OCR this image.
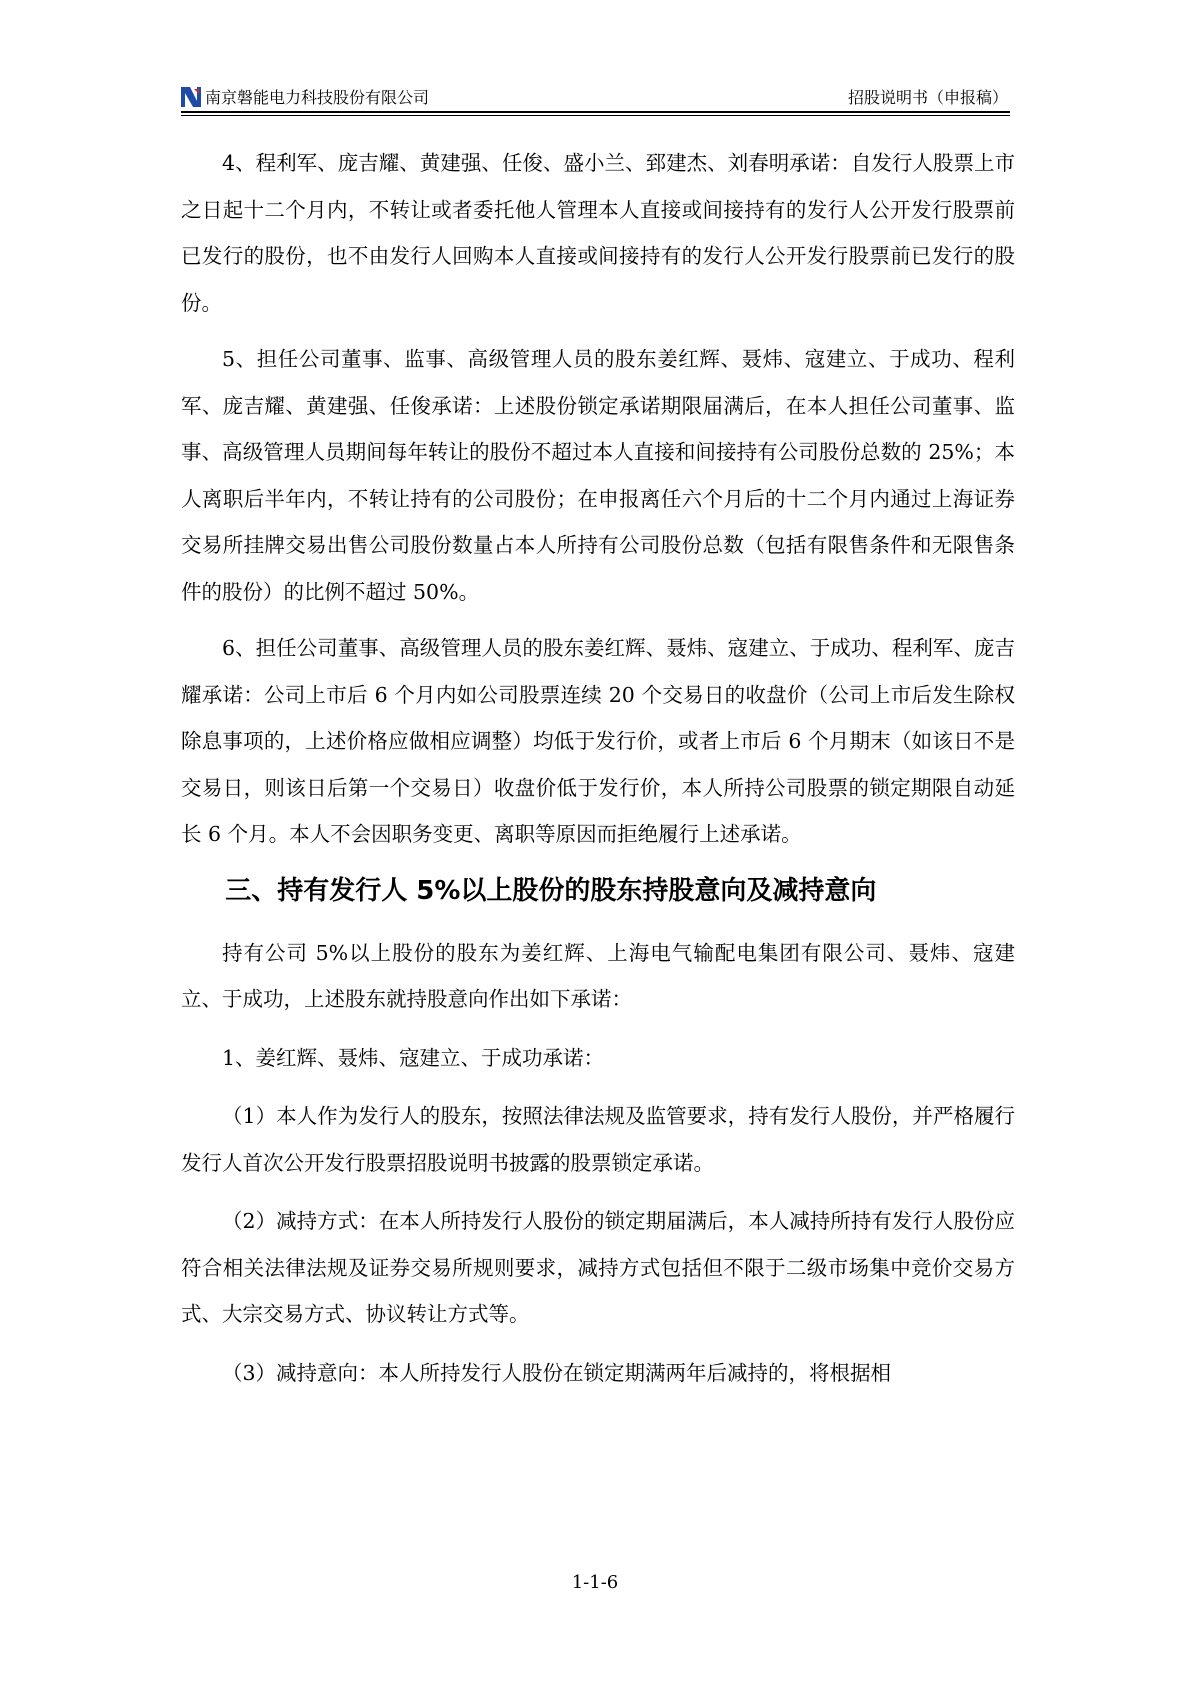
南京磐能电力科技股份有限公司	招股说明书（申报稿）

4、程利军、庞吉耀、黄建强、任俊、盛小兰、郅建杰、刘春明承诺：自发行人股票上市之日起十二个月内，不转让或者委托他人管理本人直接或间接持有的发行人公开发行股票前已发行的股份，也不由发行人回购本人直接或间接持有的发行人公开发行股票前已发行的股份。

5、担任公司董事、监事、高级管理人员的股东姜红辉、聂炜、寇建立、于成功、程利军、庞吉耀、黄建强、任俊承诺：上述股份锁定承诺期限届满后，在本人担任公司董事、监事、高级管理人员期间每年转让的股份不超过本人直接和间接持有公司股份总数的 25%；本人离职后半年内，不转让持有的公司股份；在申报离任六个月后的十二个月内通过上海证券交易所挂牌交易出售公司股份数量占本人所持有公司股份总数（包括有限售条件和无限售条件的股份）的比例不超过 50%。

6、担任公司董事、高级管理人员的股东姜红辉、聂炜、寇建立、于成功、程利军、庞吉耀承诺：公司上市后 6 个月内如公司股票连续 20 个交易日的收盘价（公司上市后发生除权除息事项的，上述价格应做相应调整）均低于发行价，或者上市后 6 个月期末（如该日不是交易日，则该日后第一个交易日）收盘价低于发行价，本人所持公司股票的锁定期限自动延长 6 个月。本人不会因职务变更、离职等原因而拒绝履行上述承诺。

三、持有发行人 5%以上股份的股东持股意向及减持意向

持有公司 5%以上股份的股东为姜红辉、上海电气输配电集团有限公司、聂炜、寇建立、于成功，上述股东就持股意向作出如下承诺：

1、姜红辉、聂炜、寇建立、于成功承诺：

（1）本人作为发行人的股东，按照法律法规及监管要求，持有发行人股份，并严格履行发行人首次公开发行股票招股说明书披露的股票锁定承诺。

（2）减持方式：在本人所持发行人股份的锁定期届满后，本人减持所持有发行人股份应符合相关法律法规及证券交易所规则要求，减持方式包括但不限于二级市场集中竞价交易方式、大宗交易方式、协议转让方式等。

（3）减持意向：本人所持发行人股份在锁定期满两年后减持的，将根据相

1-1-6
